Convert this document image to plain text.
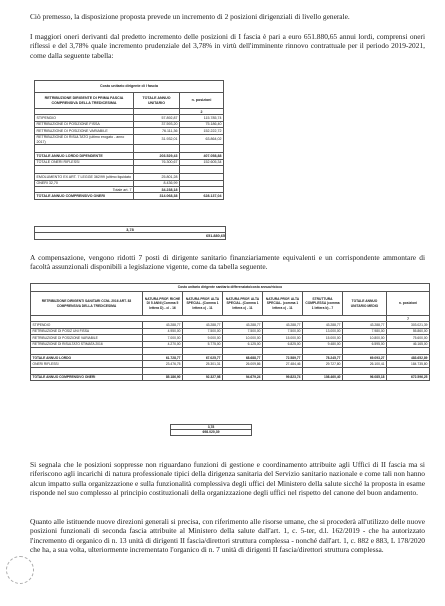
Ciò premesso, la disposizione proposta prevede un incremento di 2 posizioni dirigenziali di livello generale.
I maggiori oneri derivanti dal predetto incremento delle posizioni di I fascia è pari a euro 651.880,65 annui lordi, comprensi oneri riflessi e del 3,78% quale incremento prudenziale del 3,78% in virtù dell'imminente rinnovo contrattuale per il periodo 2019-2021, come dalla seguente tabella:
Costo unitario dirigente di I fascia		
RETRIBUZIONE DIRIGENTE DI PRIMA FASCIA COMPRENSIVA DELLA TREDICESIMA	TOTALE ANNUO UNITARIO	n. posizioni
		2
STIPENDIO	57.892,87	115.785,74
RETRIBUZIONE DI POSIZIONE FISSA	37.593,20	75.186,40
RETRIBUZIONE DI POSIZIONE VARIABILE	76.111,36	152.222,72
RETRIBUZIONE DI RISULTATO (ultimo erogato - anno 2017)	31.932,01	63.864,02

TOTALE ANNUO LORDO DIPENDENTE	203.529,43	407.058,88
TOTALE ONERI RIFLESSI	76.300,67	152.605,34

EMOLUMENTO EX ART. 7 LEGGE 362/99 (ultimo liquidato	25.801,28	
ONERI 32,70	8.436,99	
Totale art. 7	34.238,18	
TOTALE ANNUO COMPRENSIVO ONERI	314.068,38	628.137,04
3,78
651.880,65
A compensazione, vengono ridotti 7 posti di dirigente sanitario finanziariamente equivalenti e un corrispondente ammontare di facoltà assunzionali disponibili a legislazione vigente, come da tabella seguente.
Costo unitario dirigente sanitario differenziato/costo annuo/ricicco							
RETRIBUZIONE DIRIGENTI SANITARI CCNL 2016 ART. 83 COMPRENSIVA DELLA TREDICESIMA	NATURA PROF. RICHE DI 5 ANNI (Comma 5 lettera D) - cl - 16	NATURA PROF. ALTA SPECIAL. (Comma 1 lettera c) - 11	NATURA PROF. ALTA SPECIAL. (Comma 1 lettera c) - 11	NATURA PROF. ALTA SPECIAL. (comma 1 lettera c) - 11	STRUTTURA COMPLESSA (comma 1 lettera b) - 7	TOTALE ANNUO UNITARIO MEDIO	n. posizioni
							7
STIPENDIO	43.288,77	43.288,77	43.288,77	43.288,77	43.288,77	43.288,77	303.021,39
RETRIBUZIONE DI POSIZ UNI FISSA	4.950,00	7.500,00	7.500,00	7.500,00	13.000,00	7.980,00	55.860,00
RETRIBUZIONE DI POSIZIONE VARIABILE	7.000,00	9.000,00	10.000,00	15.000,00	15.000,00	10.800,00	75.600,00
RETRIBUZIONE DI RISULTATO STIMATA 2016	4.270,00	5.775,00	6.125,00	6.825,00	9.480,00	6.595,00	46.165,00

TOTALE ANNUO LORDO	61.728,77	67.025,77	68.688,77	72.589,77	78.245,77	69.093,27	483.652,89
ONERI RIFLESSI	23.476,75	25.301,31	26.009,86	27.484,46	29.727,80	26.100,41	184.735,80

TOTALE ANNUO COMPRENSIVO ONERI	85.186,90	92.327,98	94.679,24	99.823,74	108.460,40	96.085,18	672.596,25
3,78
698.020,39
Si segnala che le posizioni soppresse non riguardano funzioni di gestione e coordinamento attribuite agli Uffici di II fascia ma si riferiscono agli incarichi di natura professionale tipici della dirigenza sanitaria del Servizio sanitario nazionale e come tali non hanno alcun impatto sulla organizzazione e sulla funzionalità complessiva degli uffici del Ministero della salute sicché la proposta in esame risponde nel suo complesso al principio costituzionali della organizzazione degli uffici nel rispetto del canone del buon andamento.
Quanto alle istituende nuove direzioni generali si precisa, con riferimento alle risorse umane, che si procederà all'utilizzo delle nuove posizioni funzionali di seconda fascia attribuite al Ministero della salute dall'art. 1, c. 5-ter, d.l. 162/2019 - che ha autorizzato l'incremento di organico di n. 13 unità di dirigenti II fascia/direttori struttura complessa - nonché dall'art. 1, c. 882 e 883, L 178/2020 che ha, a sua volta, ulteriormente incrementato l'organico di n. 7 unità di dirigenti II fascia/direttori struttura complessa.
